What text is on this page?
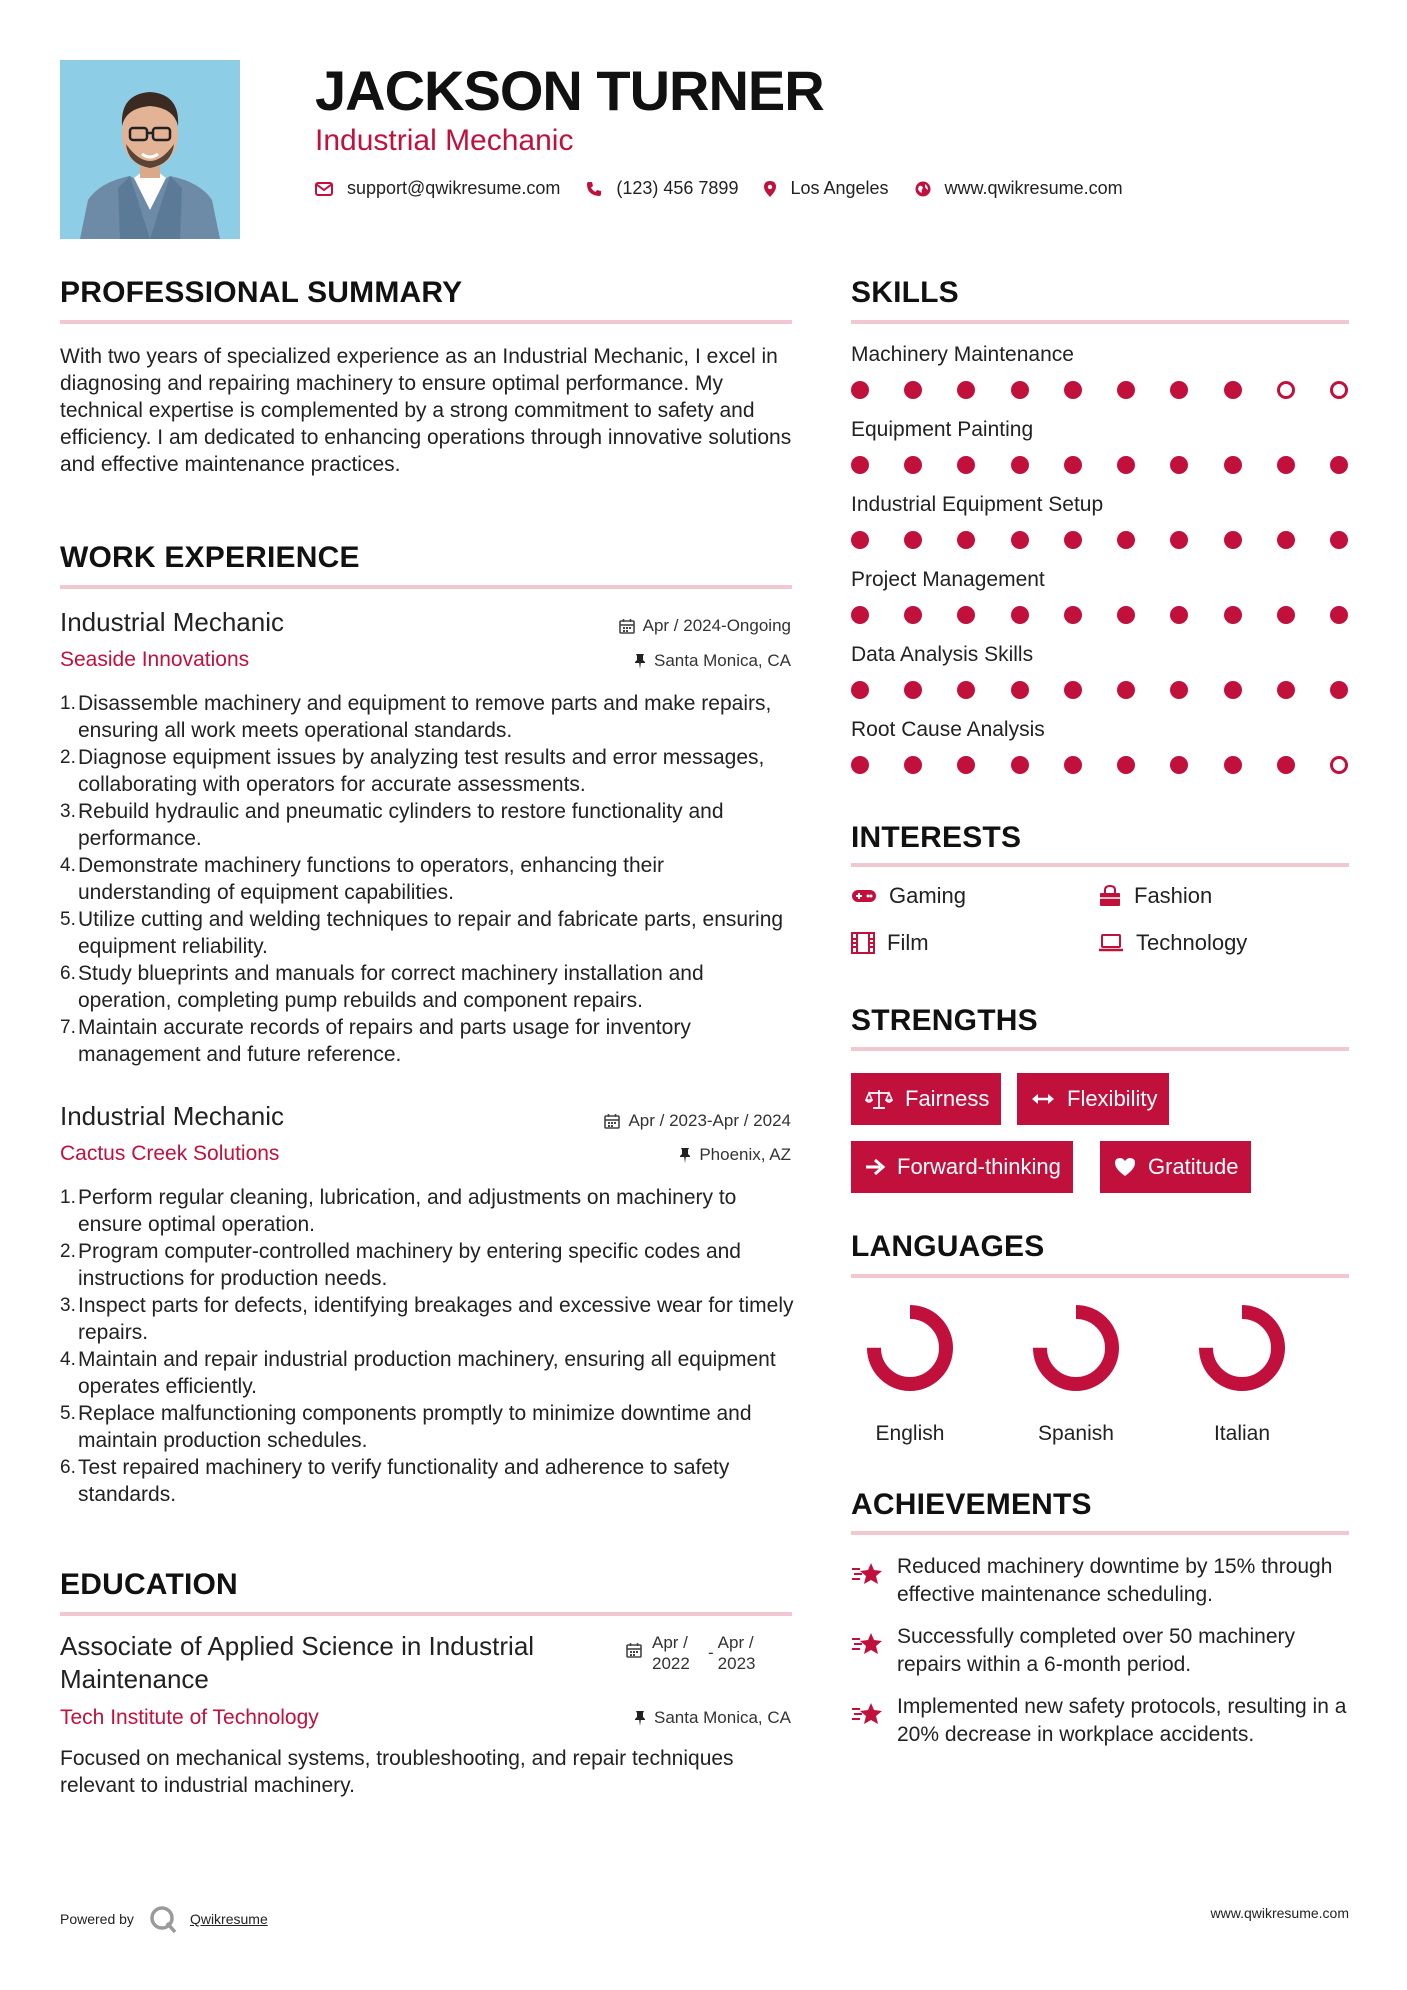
JACKSON TURNER
Industrial Mechanic
support@qwikresume.com	(123) 456 7899	Los Angeles	www.qwikresume.com
PROFESSIONAL SUMMARY
With two years of specialized experience as an Industrial Mechanic, I excel in diagnosing and repairing machinery to ensure optimal performance. My technical expertise is complemented by a strong commitment to safety and efficiency. I am dedicated to enhancing operations through innovative solutions and effective maintenance practices.
WORK EXPERIENCE
Industrial Mechanic
Seaside Innovations
Apr / 2024-Ongoing
Santa Monica, CA
Disassemble machinery and equipment to remove parts and make repairs, ensuring all work meets operational standards.
Diagnose equipment issues by analyzing test results and error messages, collaborating with operators for accurate assessments.
Rebuild hydraulic and pneumatic cylinders to restore functionality and performance.
Demonstrate machinery functions to operators, enhancing their understanding of equipment capabilities.
Utilize cutting and welding techniques to repair and fabricate parts, ensuring equipment reliability.
Study blueprints and manuals for correct machinery installation and operation, completing pump rebuilds and component repairs.
Maintain accurate records of repairs and parts usage for inventory management and future reference.
Industrial Mechanic
Cactus Creek Solutions
Apr / 2023-Apr / 2024
Phoenix, AZ
Perform regular cleaning, lubrication, and adjustments on machinery to ensure optimal operation.
Program computer-controlled machinery by entering specific codes and instructions for production needs.
Inspect parts for defects, identifying breakages and excessive wear for timely repairs.
Maintain and repair industrial production machinery, ensuring all equipment operates efficiently.
Replace malfunctioning components promptly to minimize downtime and maintain production schedules.
Test repaired machinery to verify functionality and adherence to safety standards.
EDUCATION
Associate of Applied Science in Industrial Maintenance
Apr / 2022
-
Apr / 2023
Tech Institute of Technology	Santa Monica, CA
Focused on mechanical systems, troubleshooting, and repair techniques relevant to industrial machinery.
SKILLS
Machinery Maintenance
Equipment Painting
Industrial Equipment Setup
Project Management
Data Analysis Skills
Root Cause Analysis
INTERESTS
Gaming	Fashion
Film	Technology
STRENGTHS
Fairness	Flexibility
Forward-thinking	Gratitude
LANGUAGES
English	Spanish	Italian
ACHIEVEMENTS
Reduced machinery downtime by 15% through effective maintenance scheduling.
Successfully completed over 50 machinery repairs within a 6-month period.
Implemented new safety protocols, resulting in a 20% decrease in workplace accidents.
Powered by	Qwikresume	www.qwikresume.com
